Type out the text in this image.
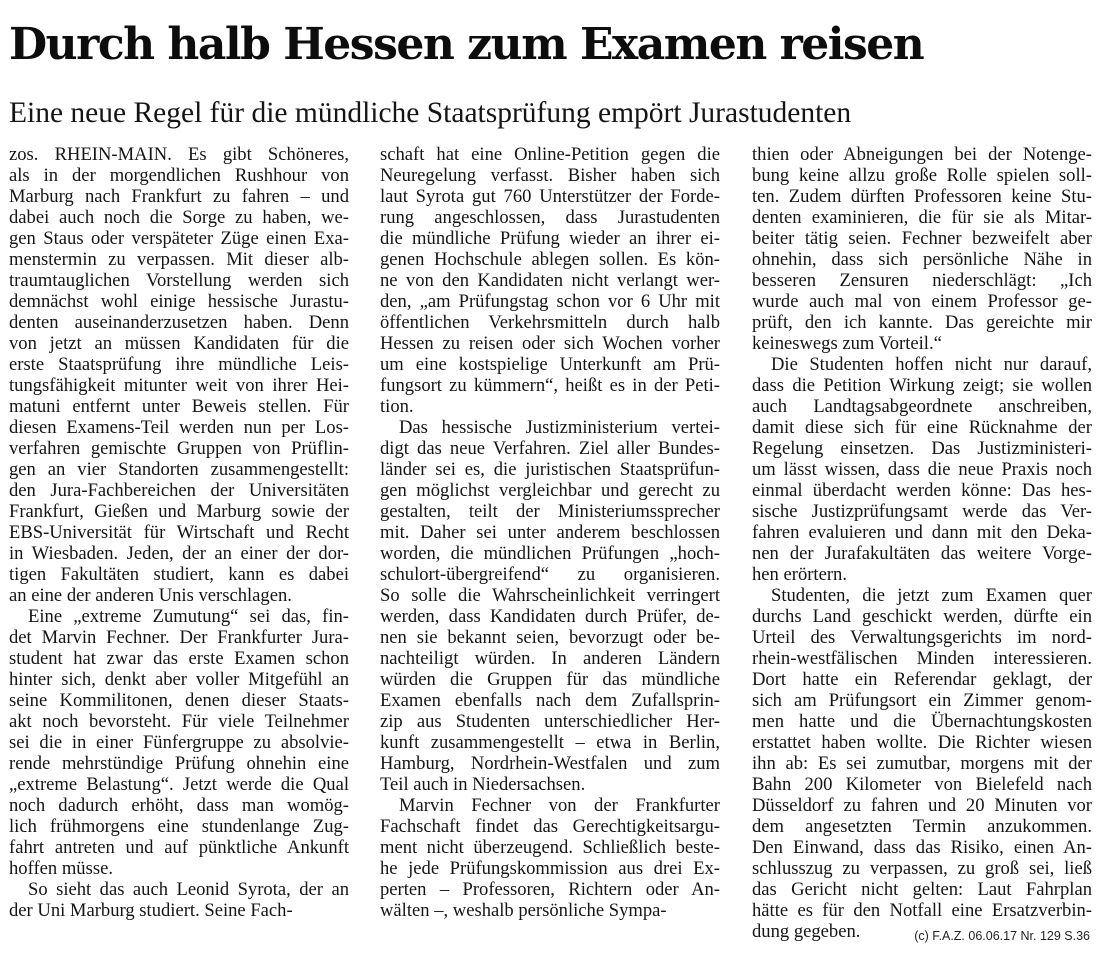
Durch halb Hessen zum Examen reisen
Eine neue Regel für die mündliche Staatsprüfung empört Jurastudenten
zos. RHEIN-MAIN. Es gibt Schöneres,
als in der morgendlichen Rushhour von
Marburg nach Frankfurt zu fahren – und
dabei auch noch die Sorge zu haben, we-
gen Staus oder verspäteter Züge einen Exa-
menstermin zu verpassen. Mit dieser alb-
traumtauglichen Vorstellung werden sich
demnächst wohl einige hessische Jurastu-
denten auseinanderzusetzen haben. Denn
von jetzt an müssen Kandidaten für die
erste Staatsprüfung ihre mündliche Leis-
tungsfähigkeit mitunter weit von ihrer Hei-
matuni entfernt unter Beweis stellen. Für
diesen Examens-Teil werden nun per Los-
verfahren gemischte Gruppen von Prüflin-
gen an vier Standorten zusammengestellt:
den Jura-Fachbereichen der Universitäten
Frankfurt, Gießen und Marburg sowie der
EBS-Universität für Wirtschaft und Recht
in Wiesbaden. Jeden, der an einer der dor-
tigen Fakultäten studiert, kann es dabei
an eine der anderen Unis verschlagen.
Eine „extreme Zumutung“ sei das, fin-
det Marvin Fechner. Der Frankfurter Jura-
student hat zwar das erste Examen schon
hinter sich, denkt aber voller Mitgefühl an
seine Kommilitonen, denen dieser Staats-
akt noch bevorsteht. Für viele Teilnehmer
sei die in einer Fünfergruppe zu absolvie-
rende mehrstündige Prüfung ohnehin eine
„extreme Belastung“. Jetzt werde die Qual
noch dadurch erhöht, dass man womög-
lich frühmorgens eine stundenlange Zug-
fahrt antreten und auf pünktliche Ankunft
hoffen müsse.
So sieht das auch Leonid Syrota, der an
der Uni Marburg studiert. Seine Fach-
schaft hat eine Online-Petition gegen die
Neuregelung verfasst. Bisher haben sich
laut Syrota gut 760 Unterstützer der Forde-
rung angeschlossen, dass Jurastudenten
die mündliche Prüfung wieder an ihrer ei-
genen Hochschule ablegen sollen. Es kön-
ne von den Kandidaten nicht verlangt wer-
den, „am Prüfungstag schon vor 6 Uhr mit
öffentlichen Verkehrsmitteln durch halb
Hessen zu reisen oder sich Wochen vorher
um eine kostspielige Unterkunft am Prü-
fungsort zu kümmern“, heißt es in der Peti-
tion.
Das hessische Justizministerium vertei-
digt das neue Verfahren. Ziel aller Bundes-
länder sei es, die juristischen Staatsprüfun-
gen möglichst vergleichbar und gerecht zu
gestalten, teilt der Ministeriumssprecher
mit. Daher sei unter anderem beschlossen
worden, die mündlichen Prüfungen „hoch-
schulort-übergreifend“ zu organisieren.
So solle die Wahrscheinlichkeit verringert
werden, dass Kandidaten durch Prüfer, de-
nen sie bekannt seien, bevorzugt oder be-
nachteiligt würden. In anderen Ländern
würden die Gruppen für das mündliche
Examen ebenfalls nach dem Zufallsprin-
zip aus Studenten unterschiedlicher Her-
kunft zusammengestellt – etwa in Berlin,
Hamburg, Nordrhein-Westfalen und zum
Teil auch in Niedersachsen.
Marvin Fechner von der Frankfurter
Fachschaft findet das Gerechtigkeitsargu-
ment nicht überzeugend. Schließlich beste-
he jede Prüfungskommission aus drei Ex-
perten – Professoren, Richtern oder An-
wälten –, weshalb persönliche Sympa-
thien oder Abneigungen bei der Notenge-
bung keine allzu große Rolle spielen soll-
ten. Zudem dürften Professoren keine Stu-
denten examinieren, die für sie als Mitar-
beiter tätig seien. Fechner bezweifelt aber
ohnehin, dass sich persönliche Nähe in
besseren Zensuren niederschlägt: „Ich
wurde auch mal von einem Professor ge-
prüft, den ich kannte. Das gereichte mir
keineswegs zum Vorteil.“
Die Studenten hoffen nicht nur darauf,
dass die Petition Wirkung zeigt; sie wollen
auch Landtagsabgeordnete anschreiben,
damit diese sich für eine Rücknahme der
Regelung einsetzen. Das Justizministeri-
um lässt wissen, dass die neue Praxis noch
einmal überdacht werden könne: Das hes-
sische Justizprüfungsamt werde das Ver-
fahren evaluieren und dann mit den Deka-
nen der Jurafakultäten das weitere Vorge-
hen erörtern.
Studenten, die jetzt zum Examen quer
durchs Land geschickt werden, dürfte ein
Urteil des Verwaltungsgerichts im nord-
rhein-westfälischen Minden interessieren.
Dort hatte ein Referendar geklagt, der
sich am Prüfungsort ein Zimmer genom-
men hatte und die Übernachtungskosten
erstattet haben wollte. Die Richter wiesen
ihn ab: Es sei zumutbar, morgens mit der
Bahn 200 Kilometer von Bielefeld nach
Düsseldorf zu fahren und 20 Minuten vor
dem angesetzten Termin anzukommen.
Den Einwand, dass das Risiko, einen An-
schlusszug zu verpassen, zu groß sei, ließ
das Gericht nicht gelten: Laut Fahrplan
hätte es für den Notfall eine Ersatzverbin-
dung gegeben.	(c) F.A.Z. 06.06.17 Nr. 129 S.36
